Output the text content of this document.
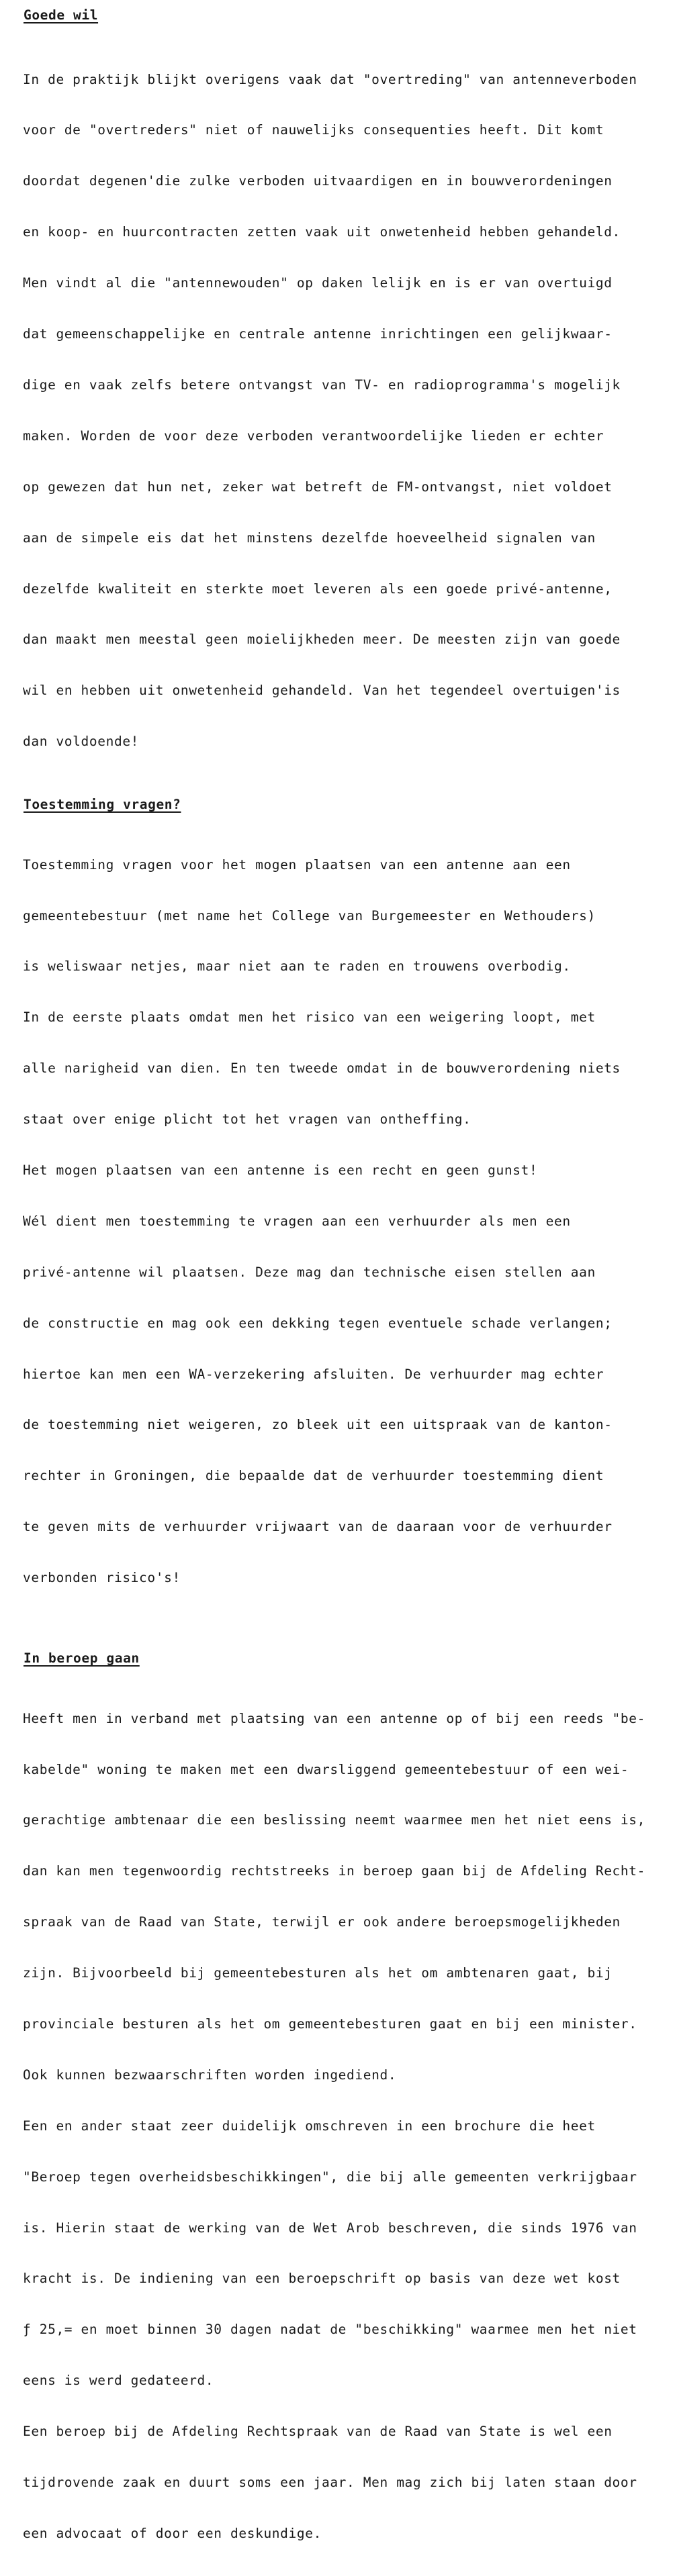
Goede wil

In de praktijk blijkt overigens vaak dat "overtreding" van antenneverboden

voor de "overtreders" niet of nauwelijks consequenties heeft. Dit komt

doordat degenen'die zulke verboden uitvaardigen en in bouwverordeningen

en koop- en huurcontracten zetten vaak uit onwetenheid hebben gehandeld.

Men vindt al die "antennewouden" op daken lelijk en is er van overtuigd

dat gemeenschappelijke en centrale antenne inrichtingen een gelijkwaar-

dige en vaak zelfs betere ontvangst van TV- en radioprogramma's mogelijk

maken. Worden de voor deze verboden verantwoordelijke lieden er echter

op gewezen dat hun net, zeker wat betreft de FM-ontvangst, niet voldoet

aan de simpele eis dat het minstens dezelfde hoeveelheid signalen van

dezelfde kwaliteit en sterkte moet leveren als een goede privé-antenne,

dan maakt men meestal geen moielijkheden meer. De meesten zijn van goede

wil en hebben uit onwetenheid gehandeld. Van het tegendeel overtuigen'is

dan voldoende!

Toestemming vragen?

Toestemming vragen voor het mogen plaatsen van een antenne aan een

gemeentebestuur (met name het College van Burgemeester en Wethouders)

is weliswaar netjes, maar niet aan te raden en trouwens overbodig.

In de eerste plaats omdat men het risico van een weigering loopt, met

alle narigheid van dien. En ten tweede omdat in de bouwverordening niets

staat over enige plicht tot het vragen van ontheffing.

Het mogen plaatsen van een antenne is een recht en geen gunst!

Wél dient men toestemming te vragen aan een verhuurder als men een

privé-antenne wil plaatsen. Deze mag dan technische eisen stellen aan

de constructie en mag ook een dekking tegen eventuele schade verlangen;

hiertoe kan men een WA-verzekering afsluiten. De verhuurder mag echter

de toestemming niet weigeren, zo bleek uit een uitspraak van de kanton-

rechter in Groningen, die bepaalde dat de verhuurder toestemming dient

te geven mits de verhuurder vrijwaart van de daaraan voor de verhuurder

verbonden risico's!

In beroep gaan

Heeft men in verband met plaatsing van een antenne op of bij een reeds "be-

kabelde" woning te maken met een dwarsliggend gemeentebestuur of een wei-

gerachtige ambtenaar die een beslissing neemt waarmee men het niet eens is,

dan kan men tegenwoordig rechtstreeks in beroep gaan bij de Afdeling Recht-

spraak van de Raad van State, terwijl er ook andere beroepsmogelijkheden

zijn. Bijvoorbeeld bij gemeentebesturen als het om ambtenaren gaat, bij

provinciale besturen als het om gemeentebesturen gaat en bij een minister.

Ook kunnen bezwaarschriften worden ingediend.

Een en ander staat zeer duidelijk omschreven in een brochure die heet

"Beroep tegen overheidsbeschikkingen", die bij alle gemeenten verkrijgbaar

is. Hierin staat de werking van de Wet Arob beschreven, die sinds 1976 van

kracht is. De indiening van een beroepschrift op basis van deze wet kost

ƒ 25,= en moet binnen 30 dagen nadat de "beschikking" waarmee men het niet

eens is werd gedateerd.

Een beroep bij de Afdeling Rechtspraak van de Raad van State is wel een

tijdrovende zaak en duurt soms een jaar. Men mag zich bij laten staan door

een advocaat of door een deskundige.
